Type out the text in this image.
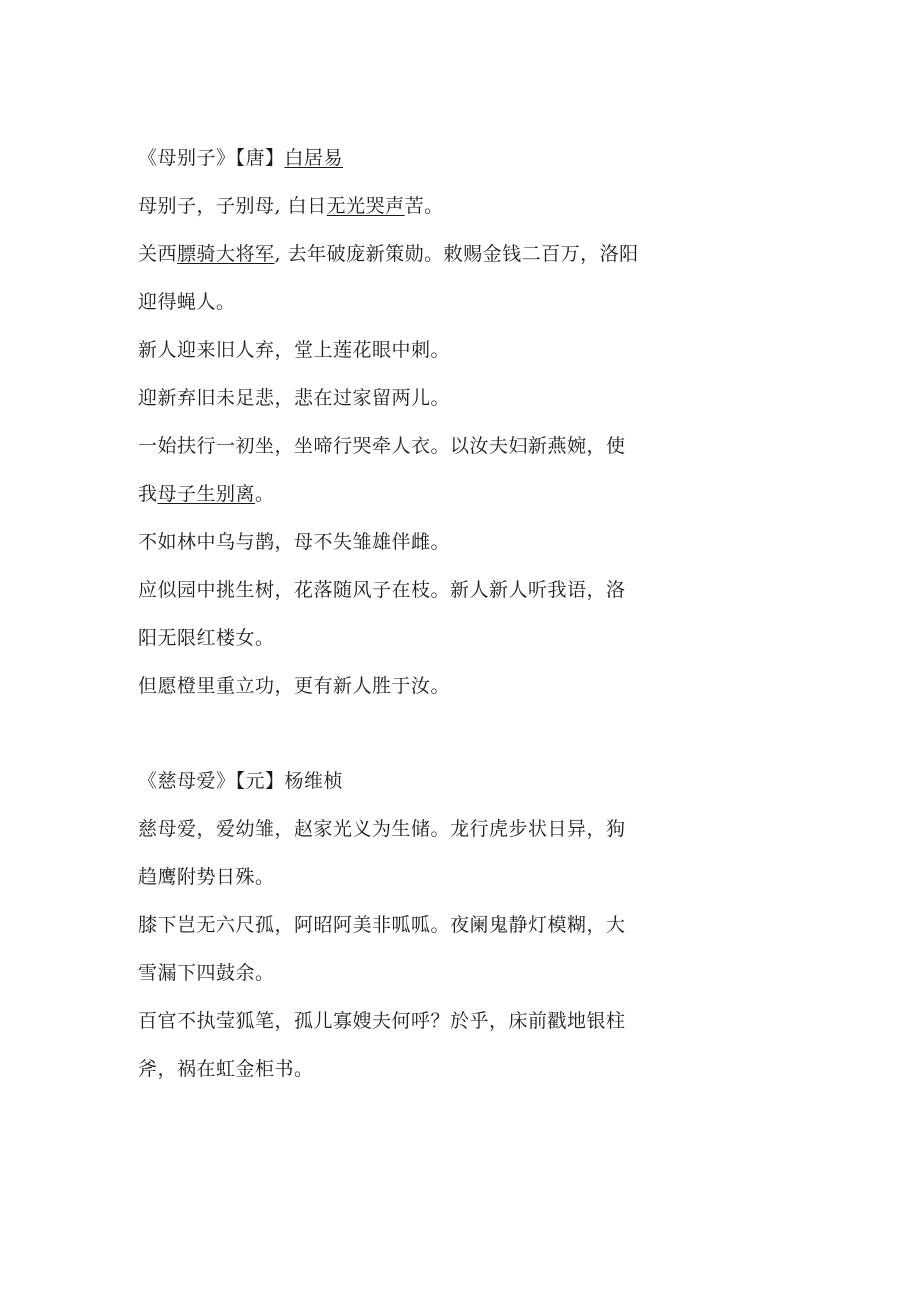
《母别子》【唐】白居易
母别子，子别母, 白日无光哭声苦。
关西膘骑大将军, 去年破庞新策勋。敕赐金钱二百万，洛阳
迎得蝇人。
新人迎来旧人弃，堂上莲花眼中刺。
迎新弃旧未足悲，悲在过家留两儿。
一始扶行一初坐，坐啼行哭牵人衣。以汝夫妇新燕婉，使
我母子生别离。
不如林中乌与鹊，母不失雏雄伴雌。
应似园中挑生树，花落随风子在枝。新人新人听我语，洛
阳无限红楼女。
但愿橙里重立功，更有新人胜于汝。
《慈母爱》【元】杨维桢
慈母爱，爱幼雏，赵家光义为生储。龙行虎步状日异，狗
趋鹰附势日殊。
膝下岂无六尺孤，阿昭阿美非呱呱。夜阑鬼静灯模糊，大
雪漏下四鼓余。
百官不执莹狐笔，孤儿寡嫂夫何呼？於乎，床前戳地银柱
斧，祸在虹金柜书。
